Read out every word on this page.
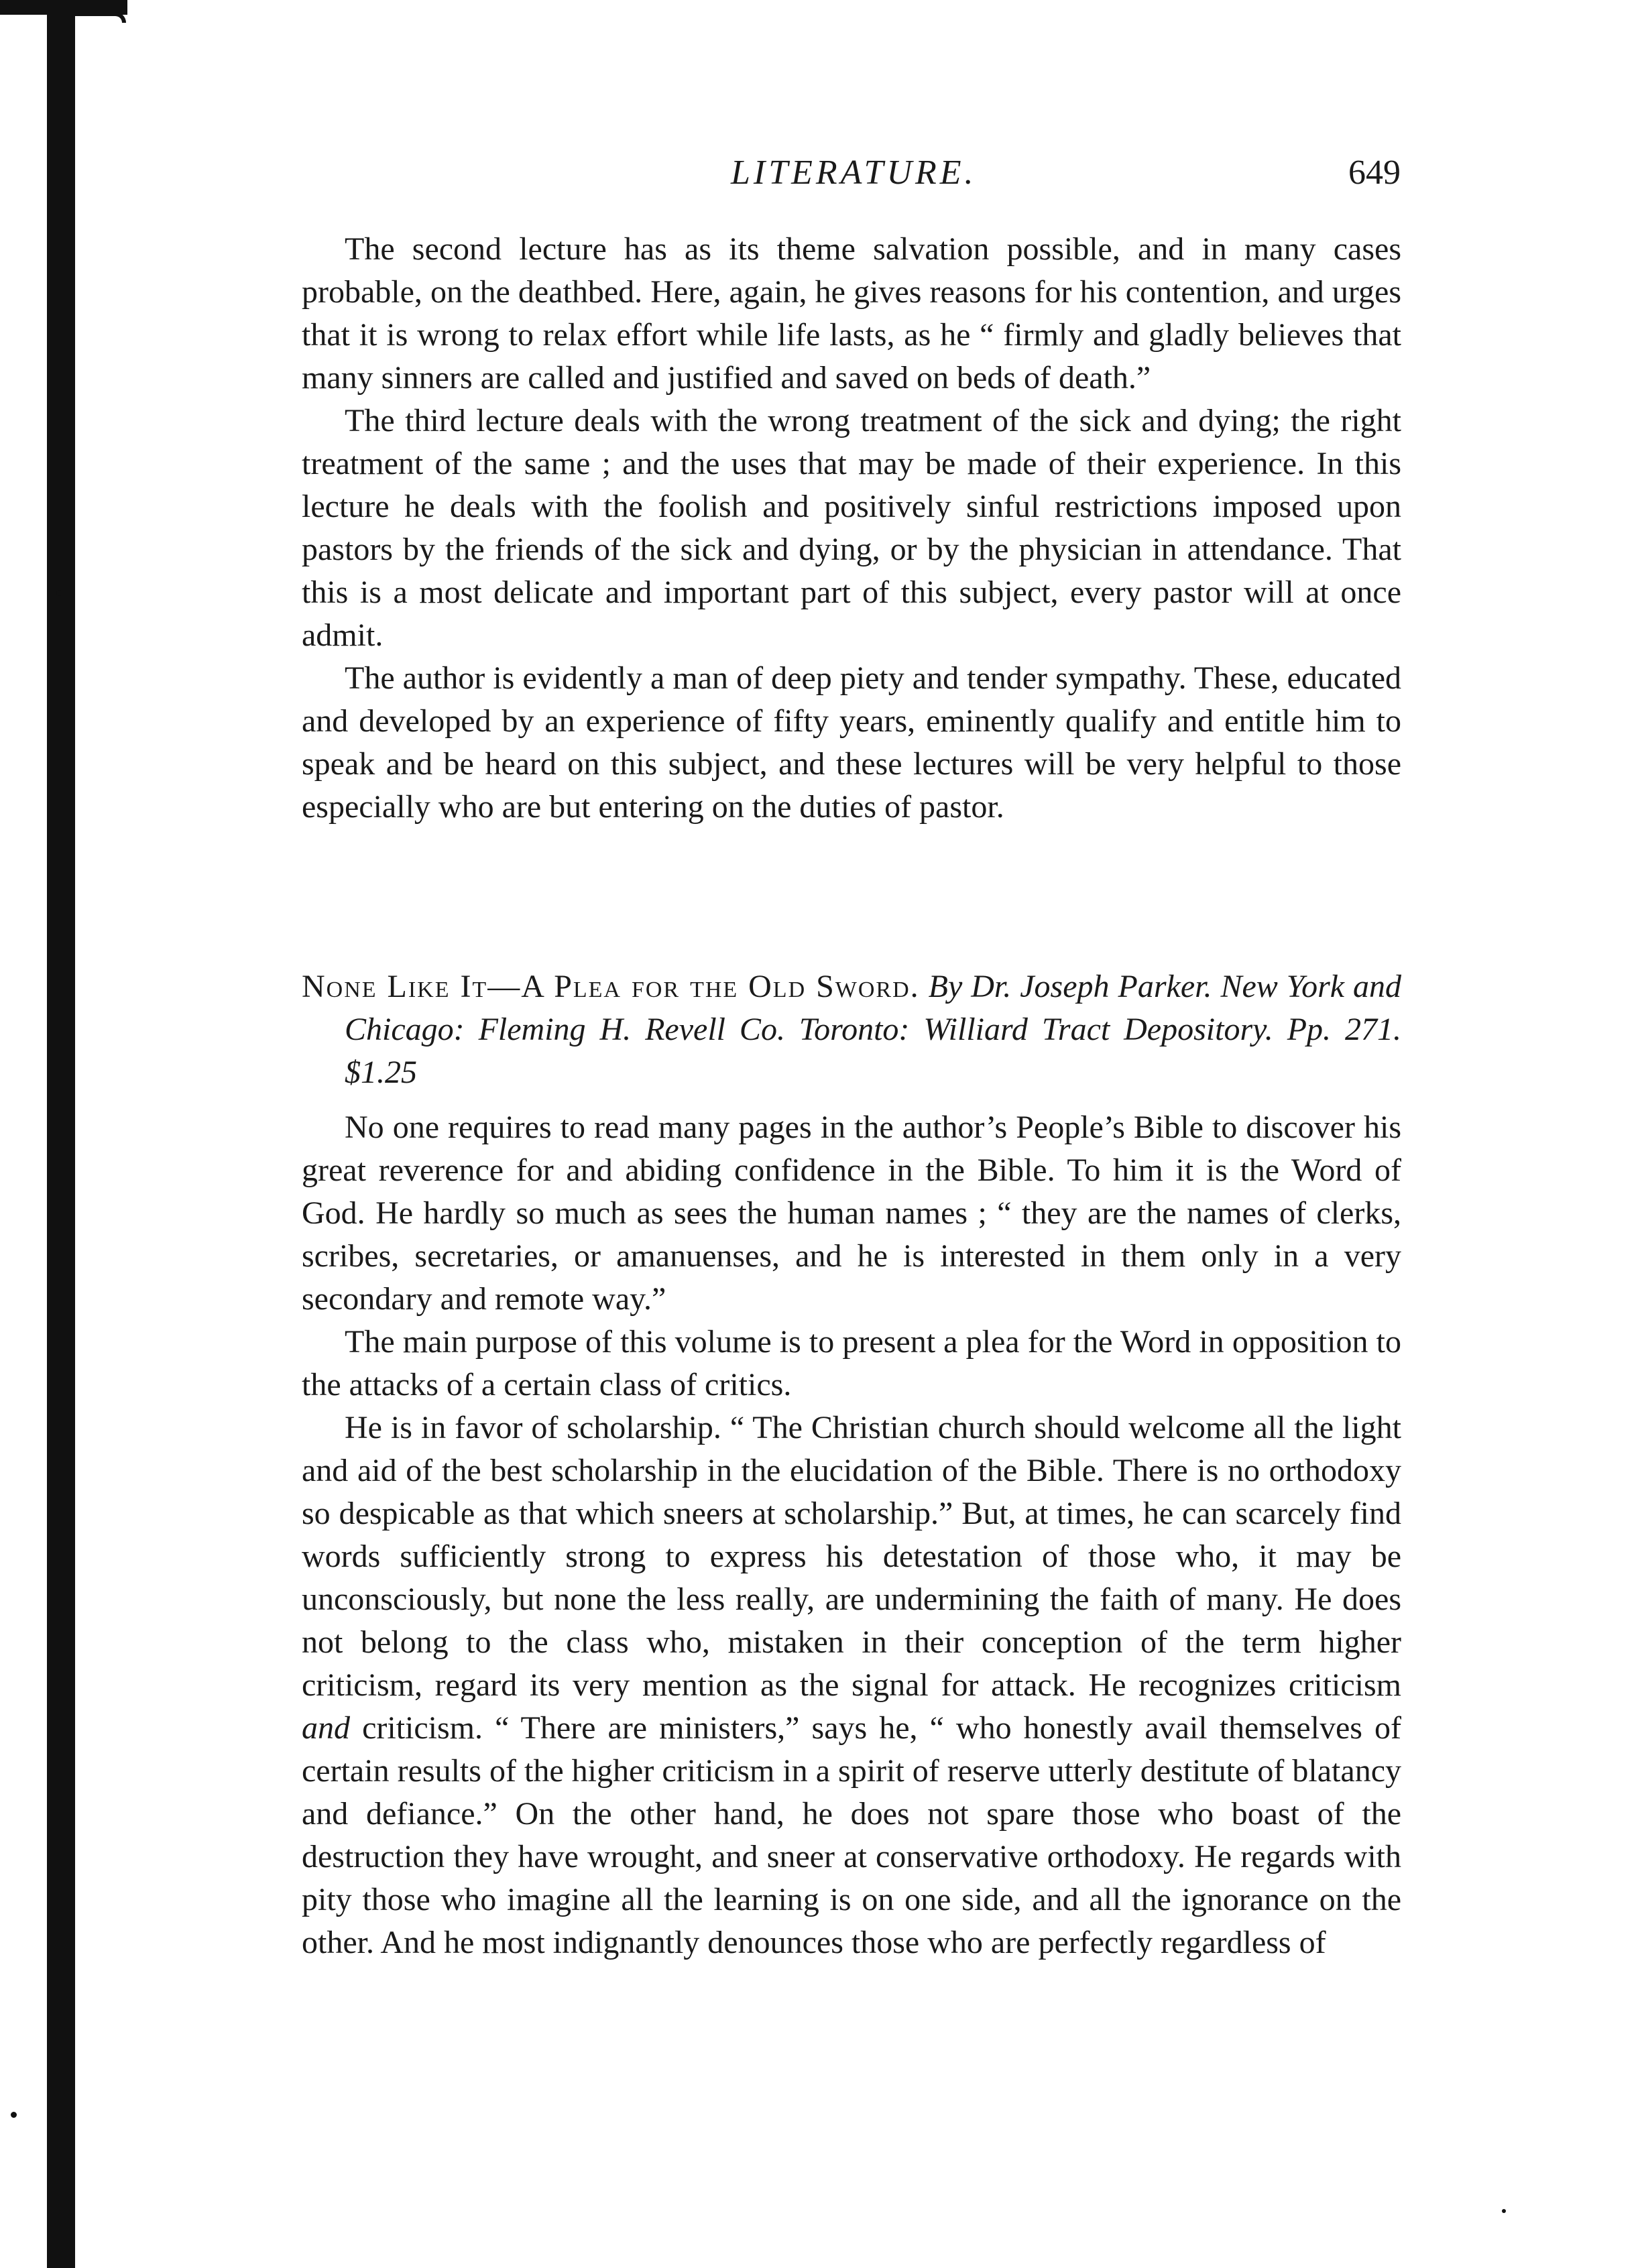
LITERATURE.	649

The second lecture has as its theme salvation possible, and in many cases probable, on the deathbed. Here, again, he gives reasons for his contention, and urges that it is wrong to relax effort while life lasts, as he “ firmly and gladly believes that many sinners are called and justified and saved on beds of death.”

The third lecture deals with the wrong treatment of the sick and dying; the right treatment of the same ; and the uses that may be made of their experience. In this lecture he deals with the foolish and positively sinful restrictions imposed upon pastors by the friends of the sick and dying, or by the physician in attendance. That this is a most delicate and important part of this subject, every pastor will at once admit.

The author is evidently a man of deep piety and tender sympathy. These, educated and developed by an experience of fifty years, eminently qualify and entitle him to speak and be heard on this subject, and these lectures will be very helpful to those especially who are but entering on the duties of pastor.

None Like It—A Plea for the Old Sword. By Dr. Joseph Parker. New York and Chicago: Fleming H. Revell Co. Toronto: Williard Tract Depository. Pp. 271. $1.25

No one requires to read many pages in the author’s People’s Bible to discover his great reverence for and abiding confidence in the Bible. To him it is the Word of God. He hardly so much as sees the human names ; “ they are the names of clerks, scribes, secretaries, or amanuenses, and he is interested in them only in a very secondary and remote way.”

The main purpose of this volume is to present a plea for the Word in opposition to the attacks of a certain class of critics.

He is in favor of scholarship. “ The Christian church should welcome all the light and aid of the best scholarship in the elucidation of the Bible. There is no orthodoxy so despicable as that which sneers at scholarship.” But, at times, he can scarcely find words sufficiently strong to express his detestation of those who, it may be unconsciously, but none the less really, are undermining the faith of many. He does not belong to the class who, mistaken in their conception of the term higher criticism, regard its very mention as the signal for attack. He recognizes criticism and criticism. “ There are ministers,” says he, “ who honestly avail themselves of certain results of the higher criticism in a spirit of reserve utterly destitute of blatancy and defiance.” On the other hand, he does not spare those who boast of the destruction they have wrought, and sneer at conservative orthodoxy. He regards with pity those who imagine all the learning is on one side, and all the ignorance on the other. And he most indignantly denounces those who are perfectly regardless of
